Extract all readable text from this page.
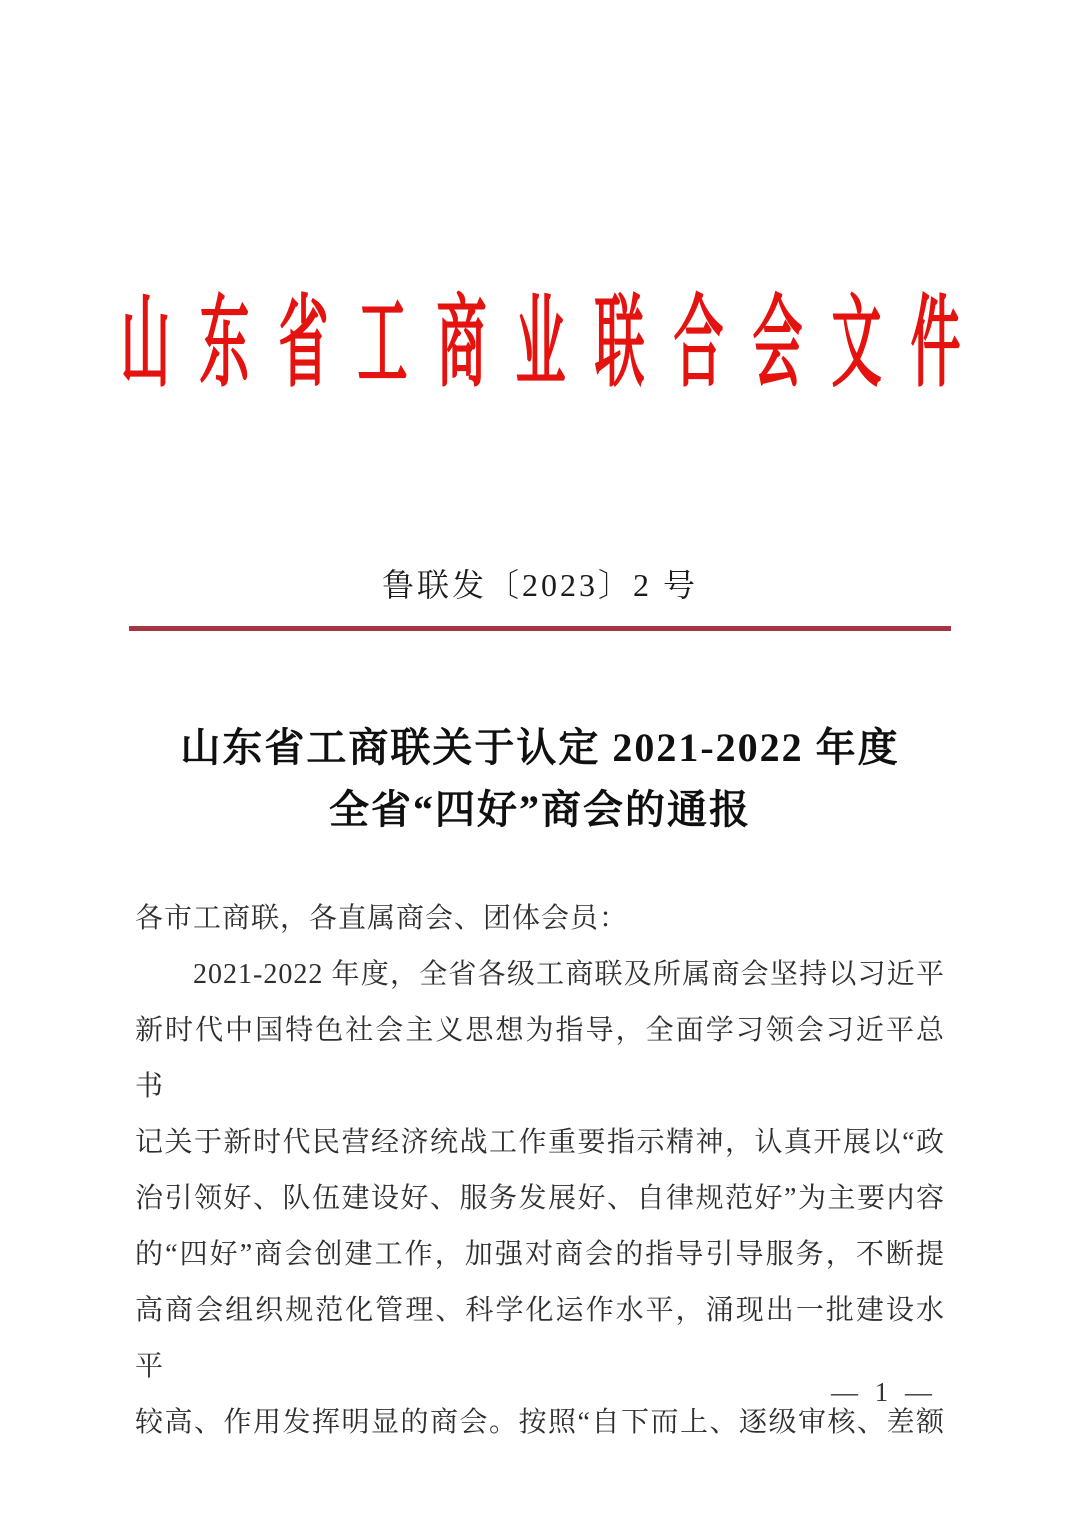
山东省工商业联合会文件
鲁联发〔2023〕2 号
山东省工商联关于认定 2021-2022 年度
全省“四好”商会的通报
各市工商联，各直属商会、团体会员：
2021-2022 年度，全省各级工商联及所属商会坚持以习近平
新时代中国特色社会主义思想为指导，全面学习领会习近平总书
记关于新时代民营经济统战工作重要指示精神，认真开展以“政
治引领好、队伍建设好、服务发展好、自律规范好”为主要内容
的“四好”商会创建工作，加强对商会的指导引导服务，不断提
高商会组织规范化管理、科学化运作水平，涌现出一批建设水平
较高、作用发挥明显的商会。按照“自下而上、逐级审核、差额
— 1 —
